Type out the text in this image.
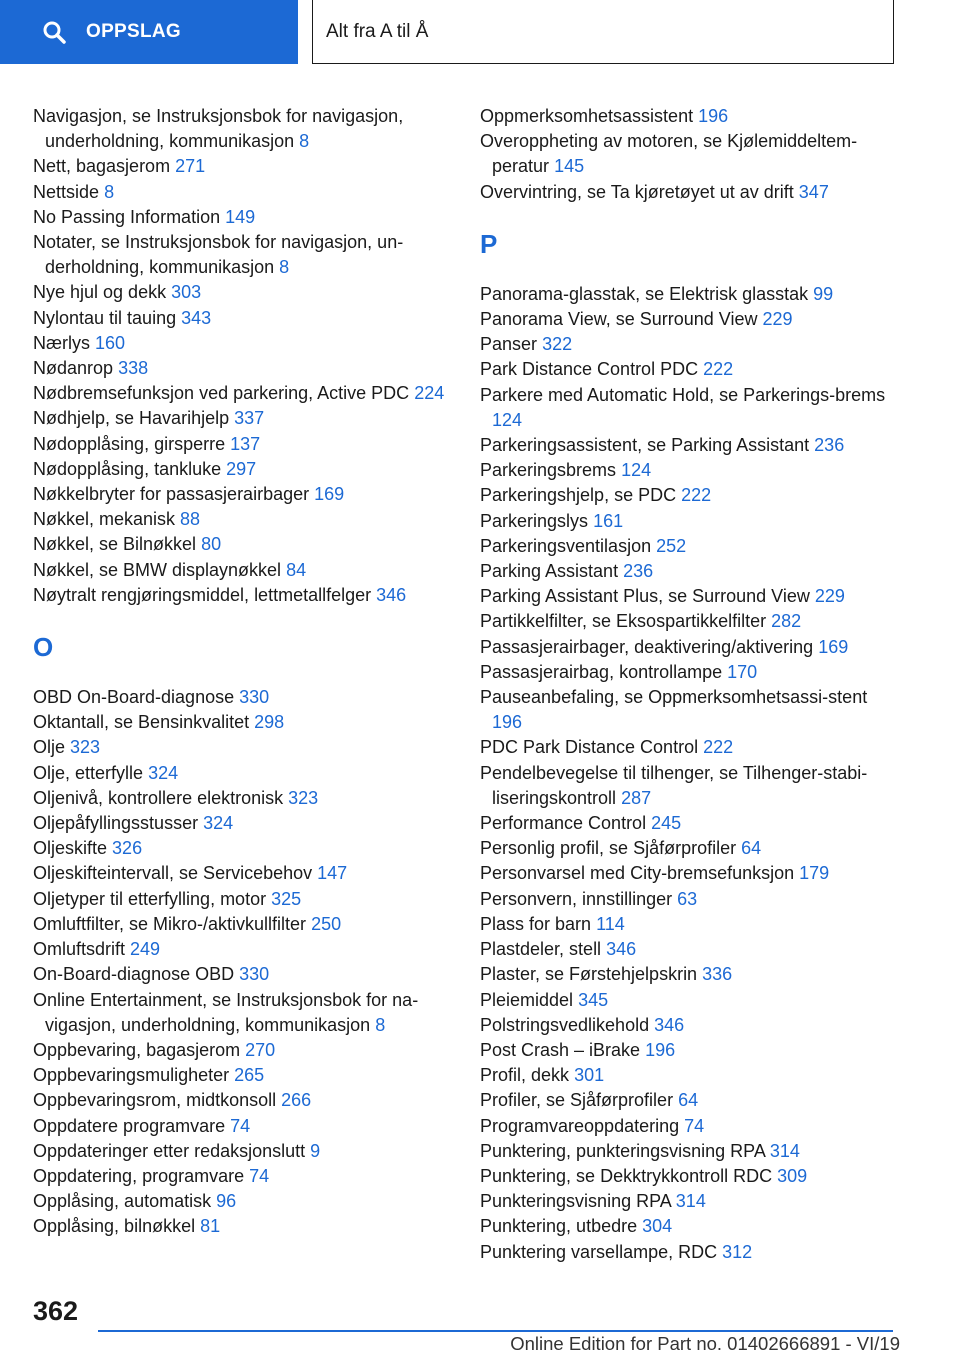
OPPSLAG	Alt fra A til Å
Navigasjon, se Instruksjonsbok for navigasjon, underholdning, kommunikasjon 8
Nett, bagasjerom 271
Nettside 8
No Passing Information 149
Notater, se Instruksjonsbok for navigasjon, un‐derholdning, kommunikasjon 8
Nye hjul og dekk 303
Nylontau til tauing 343
Nærlys 160
Nødanrop 338
Nødbremsefunksjon ved parkering, Active PDC 224
Nødhjelp, se Havarihjelp 337
Nødopplåsing, girsperre 137
Nødopplåsing, tankluke 297
Nøkkelbryter for passasjerairbager 169
Nøkkel, mekanisk 88
Nøkkel, se Bilnøkkel 80
Nøkkel, se BMW displaynøkkel 84
Nøytralt rengjøringsmiddel, lettmetallfelger 346
O
OBD On-Board-diagnose 330
Oktantall, se Bensinkvalitet 298
Olje 323
Olje, etterfylle 324
Oljenivå, kontrollere elektronisk 323
Oljepåfyllingsstusser 324
Oljeskifte 326
Oljeskifteintervall, se Servicebehov 147
Oljetyper til etterfylling, motor 325
Omluftfilter, se Mikro-/aktivkullfilter 250
Omluftsdrift 249
On-Board-diagnose OBD 330
Online Entertainment, se Instruksjonsbok for na‐vigasjon, underholdning, kommunikasjon 8
Oppbevaring, bagasjerom 270
Oppbevaringsmuligheter 265
Oppbevaringsrom, midtkonsoll 266
Oppdatere programvare 74
Oppdateringer etter redaksjonslutt 9
Oppdatering, programvare 74
Opplåsing, automatisk 96
Opplåsing, bilnøkkel 81
Oppmerksomhetsassistent 196
Overoppheting av motoren, se Kjølemiddeltem‐peratur 145
Overvintring, se Ta kjøretøyet ut av drift 347
P
Panorama-glasstak, se Elektrisk glasstak 99
Panorama View, se Surround View 229
Panser 322
Park Distance Control PDC 222
Parkere med Automatic Hold, se Parkerings‐brems 124
Parkeringsassistent, se Parking Assistant 236
Parkeringsbrems 124
Parkeringshjelp, se PDC 222
Parkeringslys 161
Parkeringsventilasjon 252
Parking Assistant 236
Parking Assistant Plus, se Surround View 229
Partikkelfilter, se Eksospartikkelfilter 282
Passasjerairbager, deaktivering/aktivering 169
Passasjerairbag, kontrollampe 170
Pauseanbefaling, se Oppmerksomhetsassi‐stent 196
PDC Park Distance Control 222
Pendelbevegelse til tilhenger, se Tilhenger-stabi‐liseringskontroll 287
Performance Control 245
Personlig profil, se Sjåførprofiler 64
Personvarsel med City-bremsefunksjon 179
Personvern, innstillinger 63
Plass for barn 114
Plastdeler, stell 346
Plaster, se Førstehjelpskrin 336
Pleiemiddel 345
Polstringsvedlikehold 346
Post Crash – iBrake 196
Profil, dekk 301
Profiler, se Sjåførprofiler 64
Programvareoppdatering 74
Punktering, punkteringsvisning RPA 314
Punktering, se Dekktrykkontroll RDC 309
Punkteringsvisning RPA 314
Punktering, utbedre 304
Punktering varsellampe, RDC 312
362
Online Edition for Part no. 01402666891 - VI/19
